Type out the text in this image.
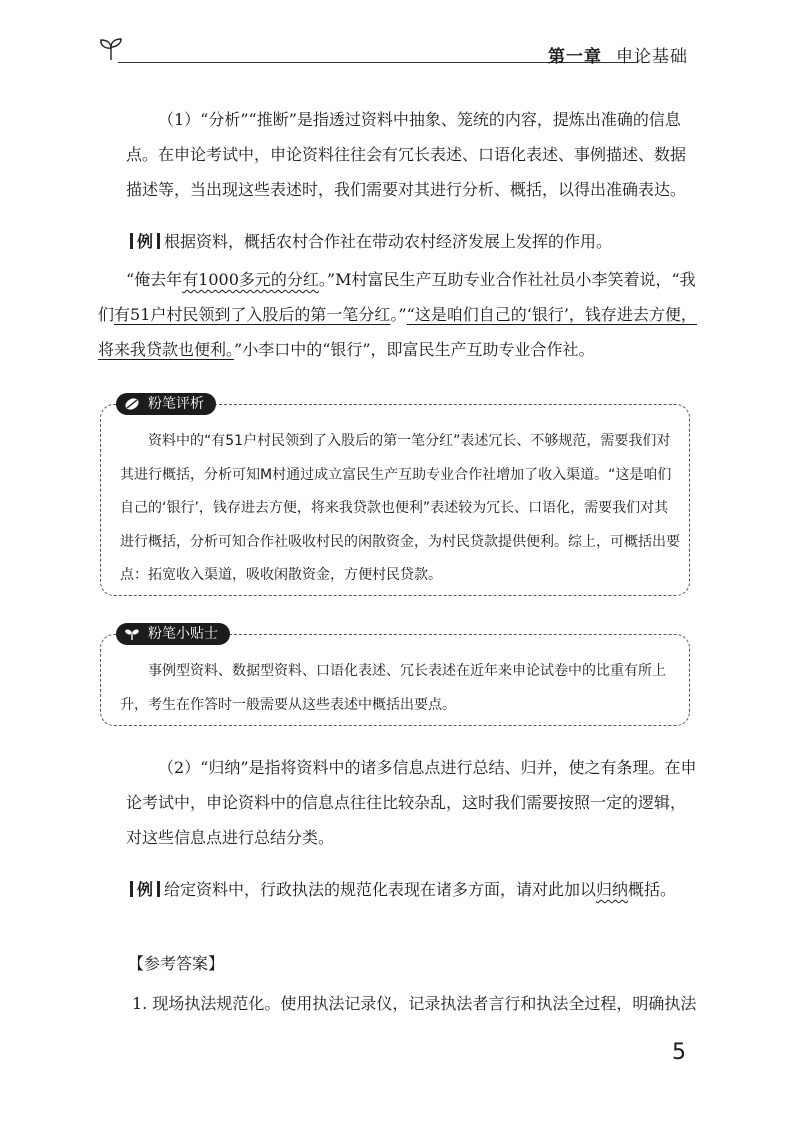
第一章 申论基础

（1）“分析”“推断”是指透过资料中抽象、笼统的内容，提炼出准确的信息点。在申论考试中，申论资料往往会有冗长表述、口语化表述、事例描述、数据描述等，当出现这些表述时，我们需要对其进行分析、概括，以得出准确表达。

例 根据资料，概括农村合作社在带动农村经济发展上发挥的作用。

“俺去年有1000多元的分红。”M村富民生产互助专业合作社社员小李笑着说，“我们有51户村民领到了入股后的第一笔分红。”“这是咱们自己的‘银行’，钱存进去方便，将来我贷款也便利。”小李口中的“银行”，即富民生产互助专业合作社。

粉笔评析

资料中的“有51户村民领到了入股后的第一笔分红”表述冗长、不够规范，需要我们对其进行概括，分析可知M村通过成立富民生产互助专业合作社增加了收入渠道。“这是咱们自己的‘银行’，钱存进去方便，将来我贷款也便利”表述较为冗长、口语化，需要我们对其进行概括，分析可知合作社吸收村民的闲散资金，为村民贷款提供便利。综上，可概括出要点：拓宽收入渠道，吸收闲散资金，方便村民贷款。

粉笔小贴士

事例型资料、数据型资料、口语化表述、冗长表述在近年来申论试卷中的比重有所上升，考生在作答时一般需要从这些表述中概括出要点。

（2）“归纳”是指将资料中的诸多信息点进行总结、归并，使之有条理。在申论考试中，申论资料中的信息点往往比较杂乱，这时我们需要按照一定的逻辑，对这些信息点进行总结分类。

例 给定资料中，行政执法的规范化表现在诸多方面，请对此加以归纳概括。

【参考答案】

1. 现场执法规范化。使用执法记录仪，记录执法者言行和执法全过程，明确执法

5
